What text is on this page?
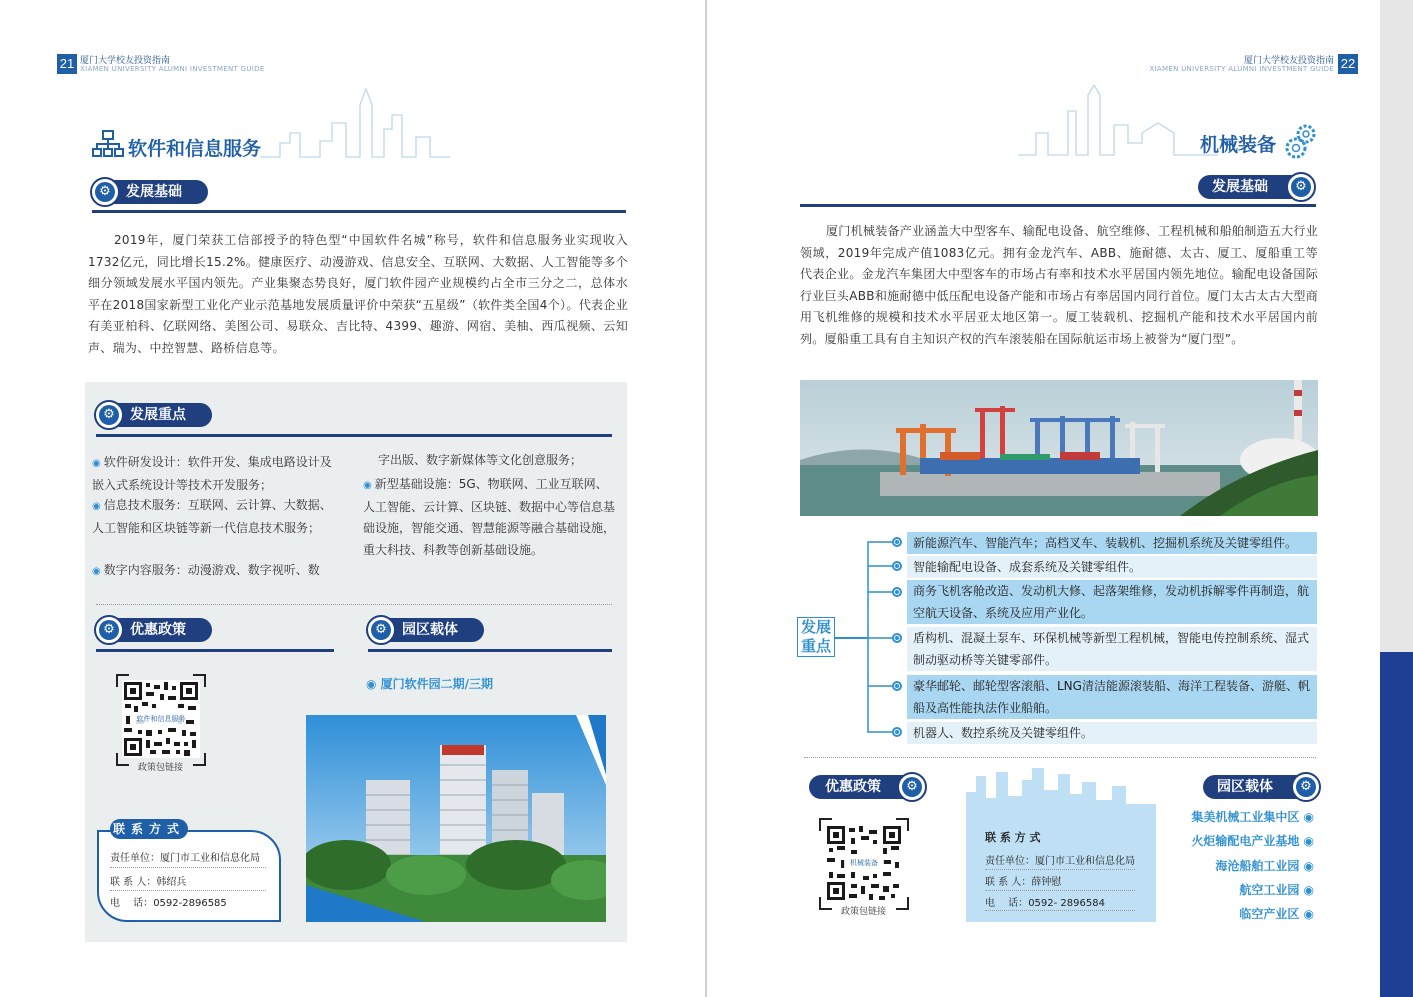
21 厦门大学校友投资指南
XIAMEN UNIVERSITY ALUMNI INVESTMENT GUIDE
软件和信息服务
⚙ 发展基础
2019年，厦门荣获工信部授予的特色型“中国软件名城”称号，软件和信息服务业实现收入1732亿元，同比增长15.2%。健康医疗、动漫游戏、信息安全、互联网、大数据、人工智能等多个细分领域发展水平国内领先。产业集聚态势良好，厦门软件园产业规模约占全市三分之二，总体水平在2018国家新型工业化产业示范基地发展质量评价中荣获“五星级”（软件类全国4个）。代表企业有美亚柏科、亿联网络、美图公司、易联众、吉比特、4399、趣游、网宿、美柚、西瓜视频、云知声、瑞为、中控智慧、路桥信息等。
⚙ 发展重点
◉ 软件研发设计：软件开发、集成电路设计及嵌入式系统设计等技术开发服务；
◉ 信息技术服务：互联网、云计算、大数据、人工智能和区块链等新一代信息技术服务；
◉ 数字内容服务：动漫游戏、数字视听、数
字出版、数字新媒体等文化创意服务；
◉ 新型基础设施：5G、物联网、工业互联网、人工智能、云计算、区块链、数据中心等信息基础设施，智能交通、智慧能源等融合基础设施，重大科技、科教等创新基础设施。
⚙ 优惠政策	⚙ 园区载体
◉ 厦门软件园二期/三期
软件和信息服务
政策包链接
联系方式
责任单位：厦门市工业和信息化局
联 系 人：韩绍兵
电　 话：0592-2896585
22
厦门大学校友投资指南
XIAMEN UNIVERSITY ALUMNI INVESTMENT GUIDE
机械装备
发展基础	⚙
厦门机械装备产业涵盖大中型客车、输配电设备、航空维修、工程机械和船舶制造五大行业领域，2019年完成产值1083亿元。拥有金龙汽车、ABB、施耐德、太古、厦工、厦船重工等代表企业。金龙汽车集团大中型客车的市场占有率和技术水平居国内领先地位。输配电设备国际行业巨头ABB和施耐德中低压配电设备产能和市场占有率居国内同行首位。厦门太古太古大型商用飞机维修的规模和技术水平居亚太地区第一。厦工装载机、挖掘机产能和技术水平居国内前列。厦船重工具有自主知识产权的汽车滚装船在国际航运市场上被誉为“厦门型”。
发展重点
新能源汽车、智能汽车；高档叉车、装载机、挖掘机系统及关键零组件。
智能输配电设备、成套系统及关键零组件。
商务飞机客舱改造、发动机大修、起落架维修，发动机拆解零件再制造，航空航天设备、系统及应用产业化。
盾构机、混凝土泵车、环保机械等新型工程机械，智能电传控制系统、湿式制动驱动桥等关键零部件。
豪华邮轮、邮轮型客滚船、LNG清洁能源滚装船、海洋工程装备、游艇、帆船及高性能执法作业船舶。
机器人、数控系统及关键零组件。
优惠政策	⚙
机械装备
政策包链接
联 系 方 式
责任单位：厦门市工业和信息化局
联 系 人：薛钟慰
电　 话：0592- 2896584
园区载体	⚙
集美机械工业集中区 ◉
火炬输配电产业基地 ◉
海沧船舶工业园 ◉
航空工业园 ◉
临空产业区 ◉
